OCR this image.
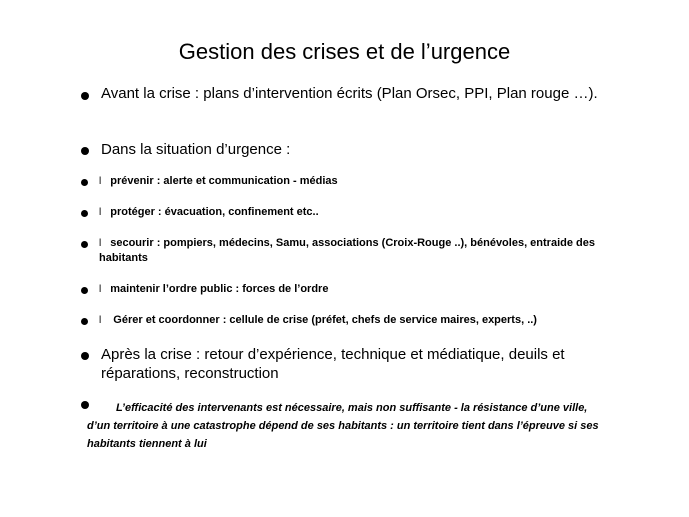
Gestion des crises et de l’urgence
Avant la crise : plans d’intervention écrits (Plan Orsec, PPI, Plan rouge …).
Dans la situation d’urgence :
l prévenir : alerte et communication - médias
l protéger : évacuation, confinement etc..
l secourir : pompiers, médecins, Samu, associations (Croix-Rouge ..), bénévoles, entraide des habitants
l maintenir l’ordre public : forces de l’ordre
l Gérer et coordonner : cellule de crise (préfet, chefs de service maires, experts, ..)
Après la crise : retour d’expérience, technique et médiatique, deuils et réparations, reconstruction
L’efficacité des intervenants est nécessaire, mais non suffisante - la résistance d’une ville, d’un territoire à une catastrophe dépend de ses habitants : un territoire tient dans l’épreuve si ses habitants tiennent à lui
